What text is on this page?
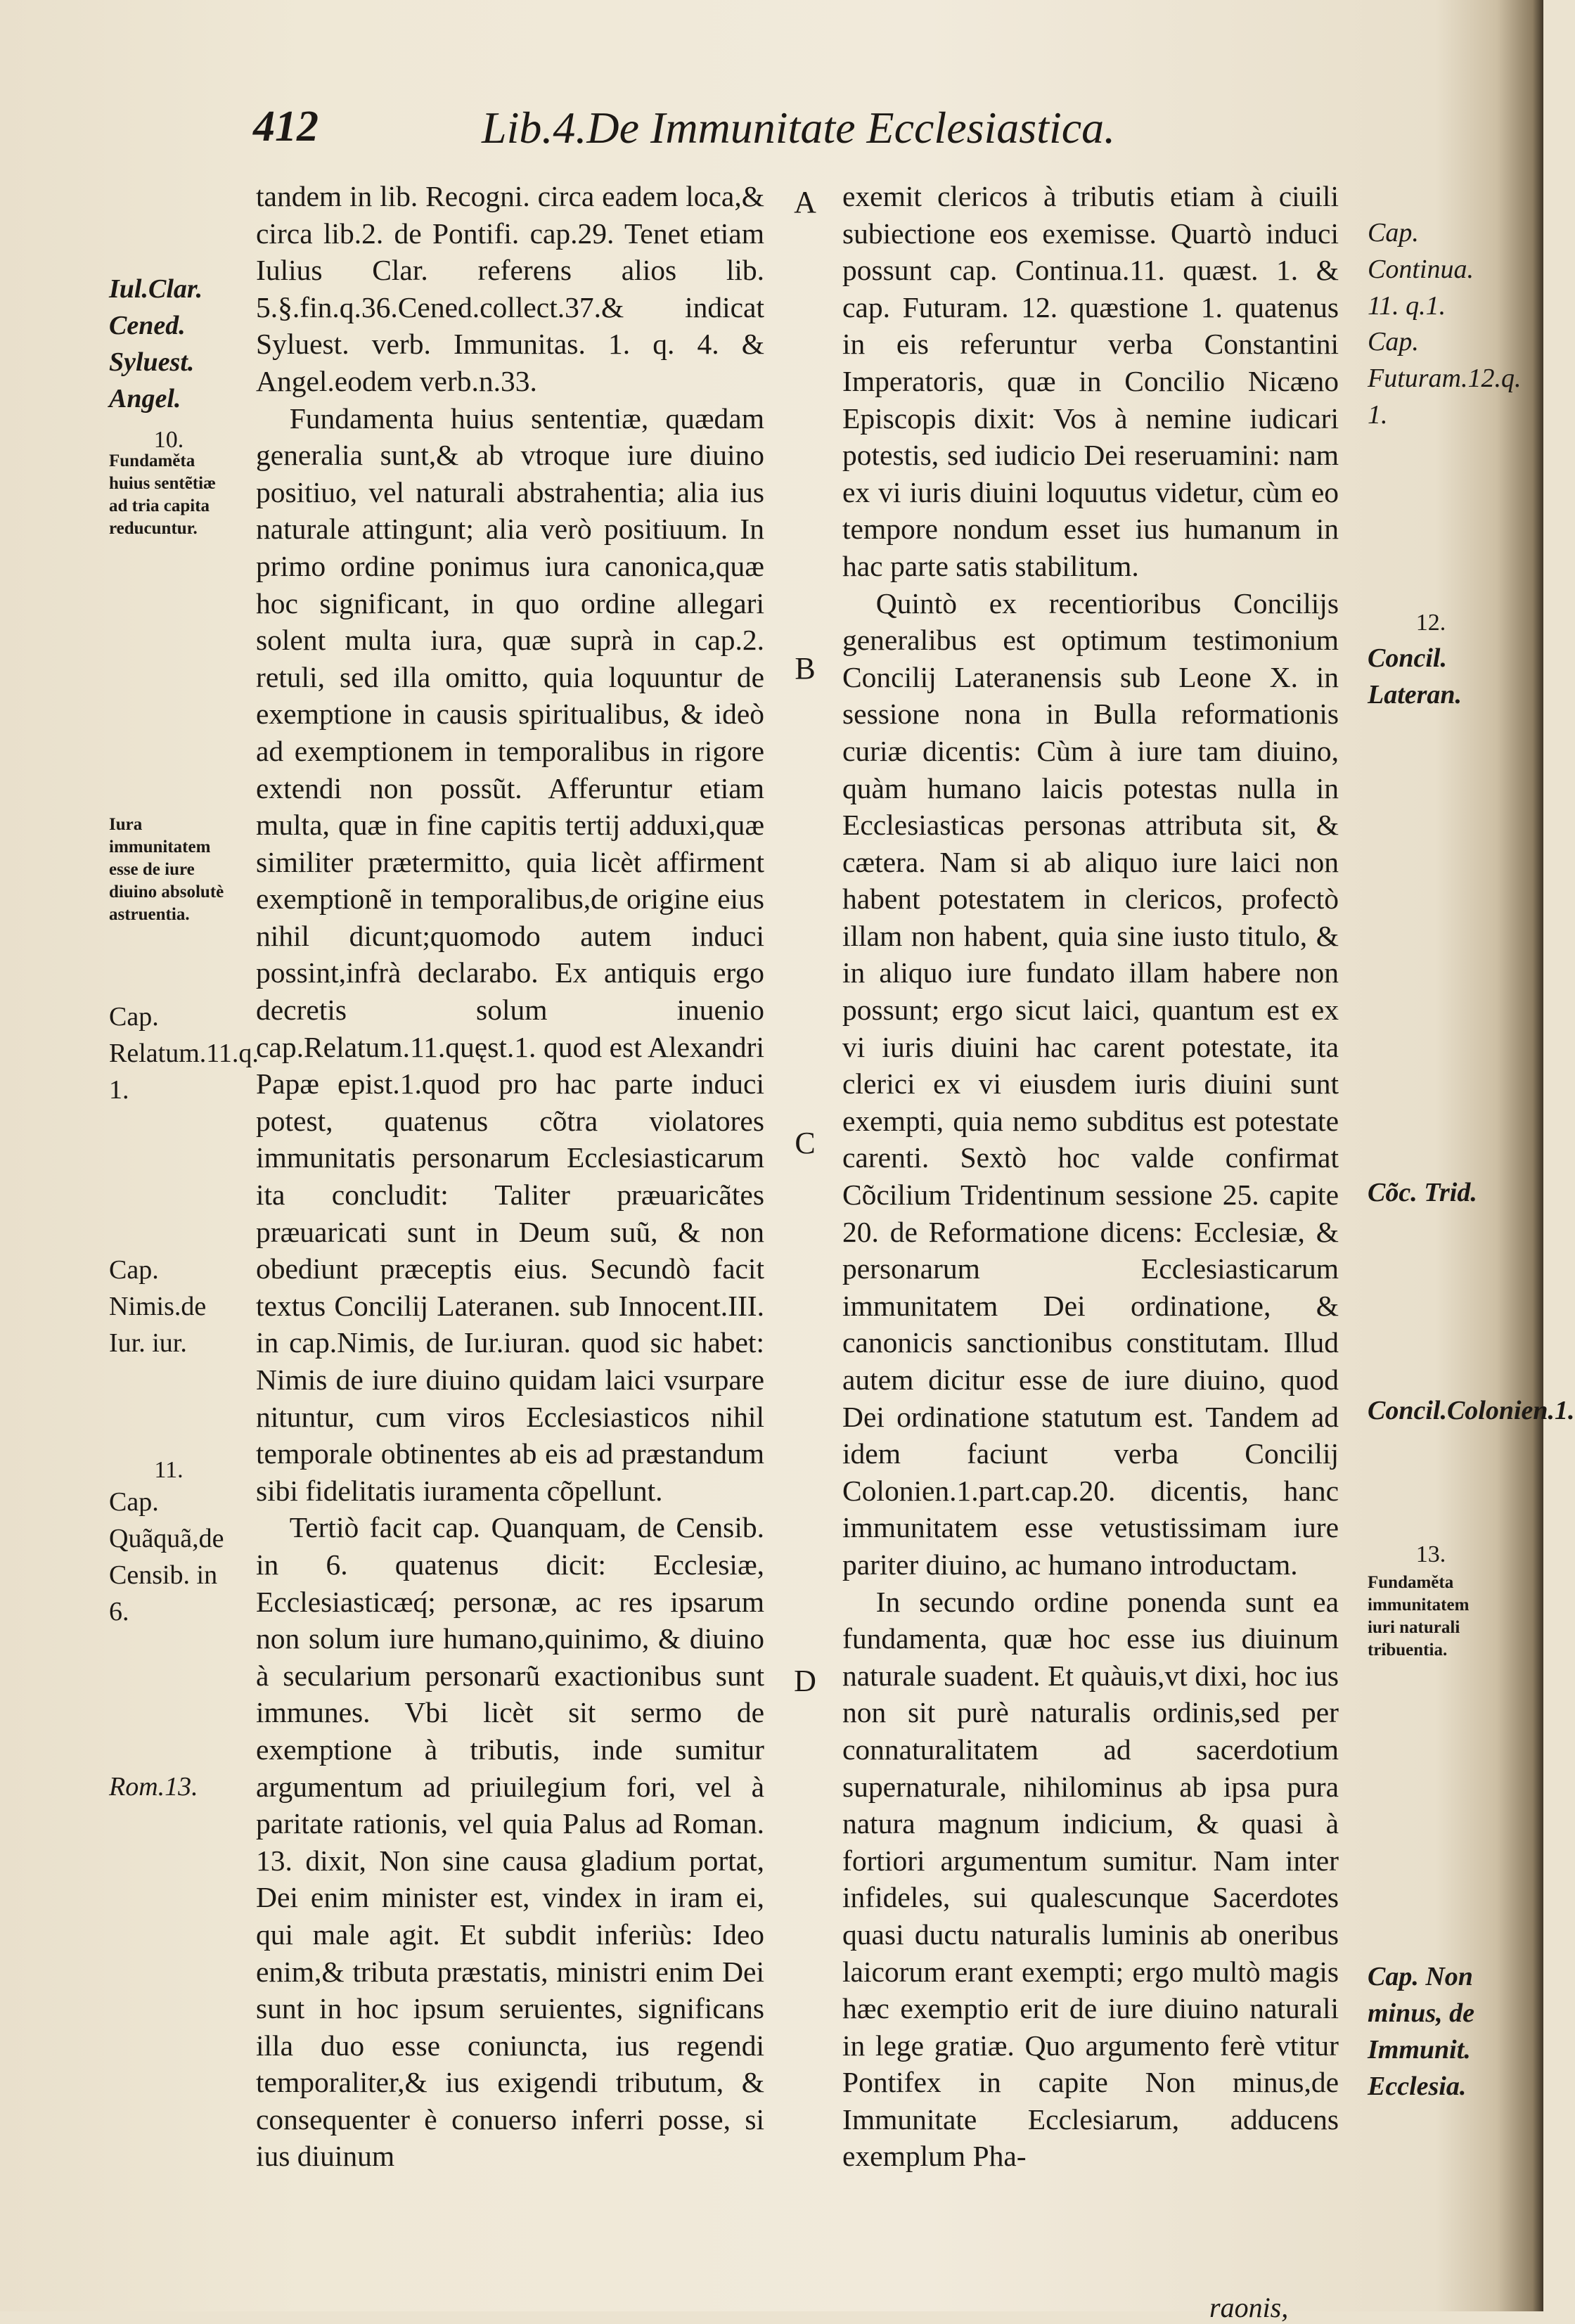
412	Lib.4.De Immunitate Ecclesiastica.
Iul.Clar. Cened. Syluest. Angel.
10.
Fundaměta huius sentẽtiæ ad tria capita reducuntur.
Iura immunitatem esse de iure diuino absolutè astruentia.
Cap. Relatum.11.q. 1.
Cap. Nimis.de Iur. iur.
11.
Cap. Quãquã,de Censib. in 6.
Rom.13.

tandem in lib. Recogni. circa eadem loca,& circa lib.2. de Pontifi. cap.29. Tenet etiam Iulius Clar. referens alios lib. 5.§.fin.q.36.Cened.collect.37.& indicat Syluest. verb. Immunitas. 1. q. 4. & Angel.eodem verb.n.33.

Fundamenta huius sententiæ, quædam generalia sunt,& ab vtroque iure diuino positiuo, vel naturali abstrahentia; alia ius naturale attingunt; alia verò positiuum. In primo ordine ponimus iura canonica,quæ hoc significant, in quo ordine allegari solent multa iura, quæ suprà in cap.2. retuli, sed illa omitto, quia loquuntur de exemptione in causis spiritualibus, & ideò ad exemptionem in temporalibus in rigore extendi non possũt. Afferuntur etiam multa, quæ in fine capitis tertij adduxi,quæ similiter prætermitto, quia licèt affirment exemptionẽ in temporalibus,de origine eius nihil dicunt;quomodo autem induci possint,infrà declarabo. Ex antiquis ergo decretis solum inuenio cap.Relatum.11.quęst.1. quod est Alexandri Papæ epist.1.quod pro hac parte induci potest, quatenus cõtra violatores immunitatis personarum Ecclesiasticarum ita concludit: Taliter præuaricãtes præuaricati sunt in Deum suũ, & non obediunt præceptis eius. Secundò facit textus Concilij Lateranen. sub Innocent.III. in cap.Nimis, de Iur.iuran. quod sic habet: Nimis de iure diuino quidam laici vsurpare nituntur, cum viros Ecclesiasticos nihil temporale obtinentes ab eis ad præstandum sibi fidelitatis iuramenta cõpellunt.

Tertiò facit cap. Quanquam, de Censib. in 6. quatenus dicit: Ecclesiæ, Ecclesiasticæq́; personæ, ac res ipsarum non solum iure humano,quinimo, & diuino à secularium personarũ exactionibus sunt immunes. Vbi licèt sit sermo de exemptione à tributis, inde sumitur argumentum ad priuilegium fori, vel à paritate rationis, vel quia Palus ad Roman. 13. dixit, Non sine causa gladium portat, Dei enim minister est, vindex in iram ei, qui male agit. Et subdit inferiùs: Ideo enim,& tributa præstatis, ministri enim Dei sunt in hoc ipsum seruientes, significans illa duo esse coniuncta, ius regendi temporaliter,& ius exigendi tributum, & consequenter è conuerso inferri posse, si ius diuinum

A
B
C
D

exemit clericos à tributis etiam à ciuili subiectione eos exemisse. Quartò induci possunt cap. Continua.11. quæst. 1. & cap. Futuram. 12. quæstione 1. quatenus in eis referuntur verba Constantini Imperatoris, quæ in Concilio Nicæno Episcopis dixit: Vos à nemine iudicari potestis, sed iudicio Dei reseruamini: nam ex vi iuris diuini loquutus videtur, cùm eo tempore nondum esset ius humanum in hac parte satis stabilitum.

Quintò ex recentioribus Concilijs generalibus est optimum testimonium Concilij Lateranensis sub Leone X. in sessione nona in Bulla reformationis curiæ dicentis: Cùm à iure tam diuino, quàm humano laicis potestas nulla in Ecclesiasticas personas attributa sit, & cætera. Nam si ab aliquo iure laici non habent potestatem in clericos, profectò illam non habent, quia sine iusto titulo, & in aliquo iure fundato illam habere non possunt; ergo sicut laici, quantum est ex vi iuris diuini hac carent potestate, ita clerici ex vi eiusdem iuris diuini sunt exempti, quia nemo subditus est potestate carenti. Sextò hoc valde confirmat Cõcilium Tridentinum sessione 25. capite 20. de Reformatione dicens: Ecclesiæ, & personarum Ecclesiasticarum immunitatem Dei ordinatione, & canonicis sanctionibus constitutam. Illud autem dicitur esse de iure diuino, quod Dei ordinatione statutum est. Tandem ad idem faciunt verba Concilij Colonien.1.part.cap.20. dicentis, hanc immunitatem esse vetustissimam iure pariter diuino, ac humano introductam.

In secundo ordine ponenda sunt ea fundamenta, quæ hoc esse ius diuinum naturale suadent. Et quàuis,vt dixi, hoc ius non sit purè naturalis ordinis,sed per connaturalitatem ad sacerdotium supernaturale, nihilominus ab ipsa pura natura magnum indicium, & quasi à fortiori argumentum sumitur. Nam inter infideles, sui qualescunque Sacerdotes quasi ductu naturalis luminis ab oneribus laicorum erant exempti; ergo multò magis hæc exemptio erit de iure diuino naturali in lege gratiæ. Quo argumento ferè vtitur Pontifex in capite Non minus,de Immunitate Ecclesiarum, adducens exemplum Pha-

Cap. Continua. 11. q.1.
Cap. Futuram.12.q. 1.
12.
Concil. Lateran.
Cõc. Trid.
Concil.Colonien.1.
13.
Fundaměta immunitatem iuri naturali tribuentia.
Cap. Non minus, de Immunit. Ecclesia.
raonis,
